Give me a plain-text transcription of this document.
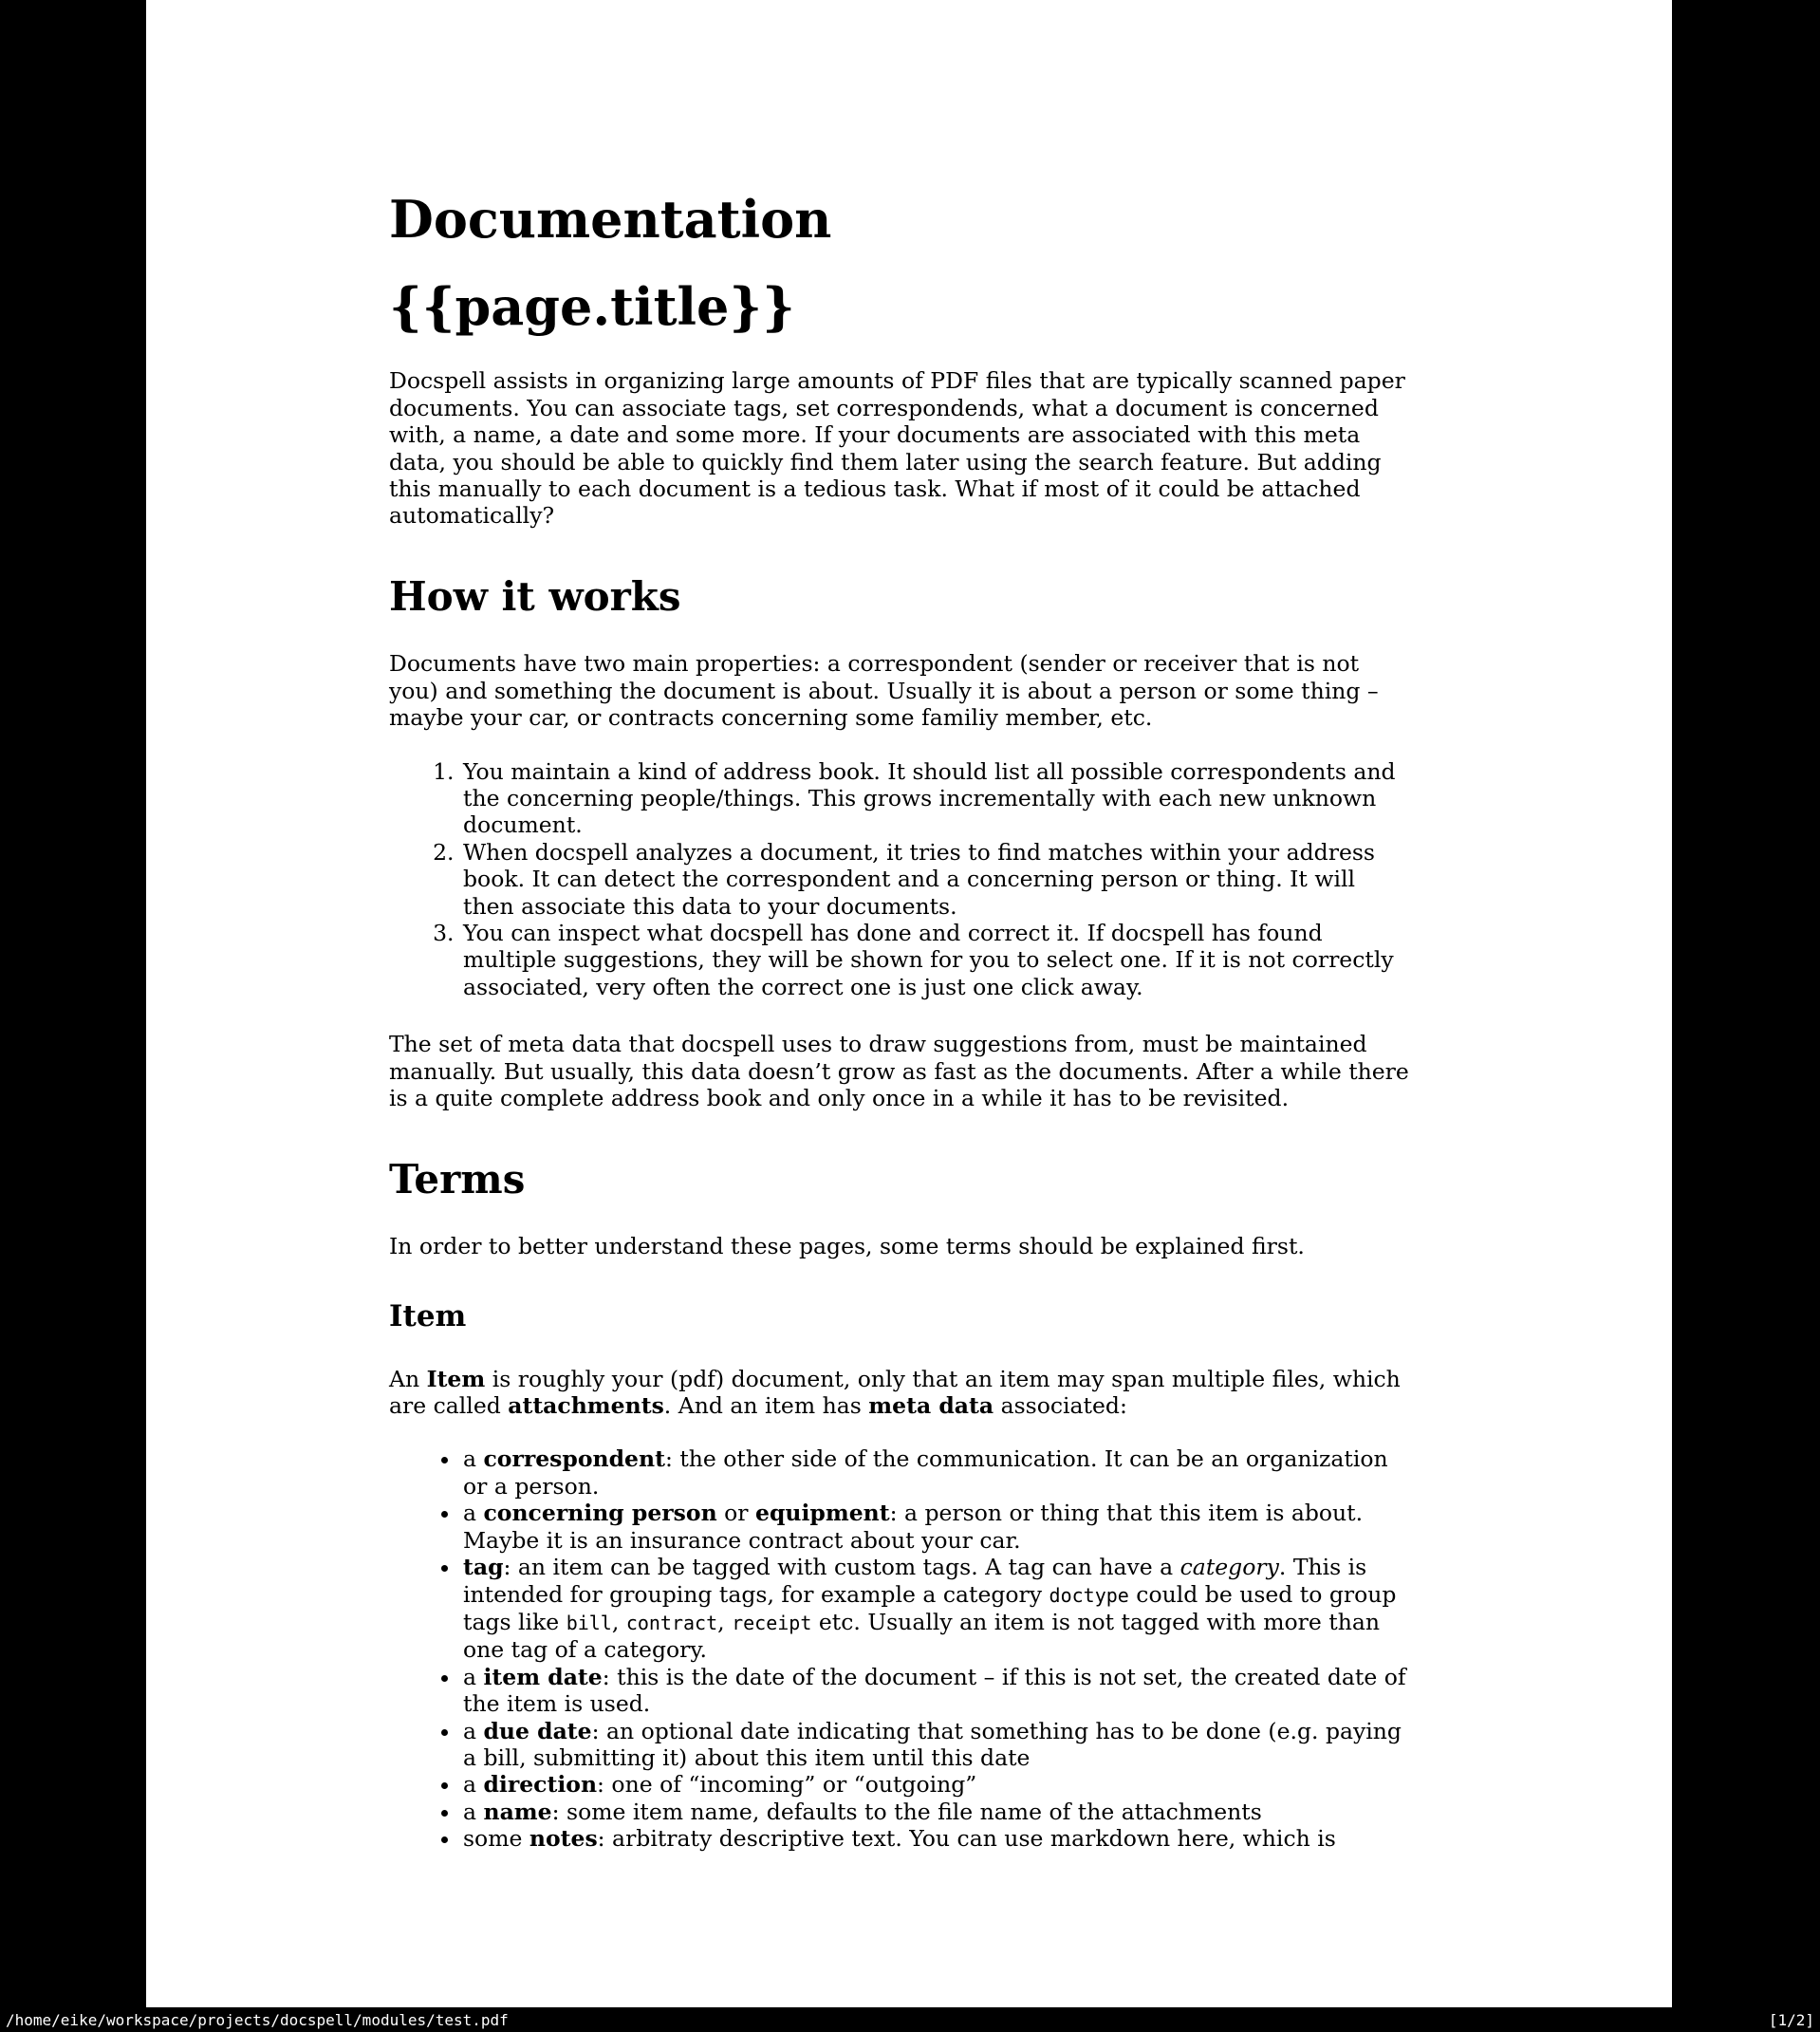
Documentation
{{page.title}}

Docspell assists in organizing large amounts of PDF files that are typically scanned paper documents. You can associate tags, set correspondends, what a document is concerned with, a name, a date and some more. If your documents are associated with this meta data, you should be able to quickly find them later using the search feature. But adding this manually to each document is a tedious task. What if most of it could be attached automatically?

How it works

Documents have two main properties: a correspondent (sender or receiver that is not you) and something the document is about. Usually it is about a person or some thing – maybe your car, or contracts concerning some familiy member, etc.

1. You maintain a kind of address book. It should list all possible correspondents and the concerning people/things. This grows incrementally with each new unknown document.
2. When docspell analyzes a document, it tries to find matches within your address book. It can detect the correspondent and a concerning person or thing. It will then associate this data to your documents.
3. You can inspect what docspell has done and correct it. If docspell has found multiple suggestions, they will be shown for you to select one. If it is not correctly associated, very often the correct one is just one click away.

The set of meta data that docspell uses to draw suggestions from, must be maintained manually. But usually, this data doesn’t grow as fast as the documents. After a while there is a quite complete address book and only once in a while it has to be revisited.

Terms

In order to better understand these pages, some terms should be explained first.

Item

An Item is roughly your (pdf) document, only that an item may span multiple files, which are called attachments. And an item has meta data associated:

• a correspondent: the other side of the communication. It can be an organization or a person.
• a concerning person or equipment: a person or thing that this item is about. Maybe it is an insurance contract about your car.
• tag: an item can be tagged with custom tags. A tag can have a category. This is intended for grouping tags, for example a category doctype could be used to group tags like bill, contract, receipt etc. Usually an item is not tagged with more than one tag of a category.
• a item date: this is the date of the document – if this is not set, the created date of the item is used.
• a due date: an optional date indicating that something has to be done (e.g. paying a bill, submitting it) about this item until this date
• a direction: one of “incoming” or “outgoing”
• a name: some item name, defaults to the file name of the attachments
• some notes: arbitraty descriptive text. You can use markdown here, which is
/home/eike/workspace/projects/docspell/modules/test.pdf	[1/2]
